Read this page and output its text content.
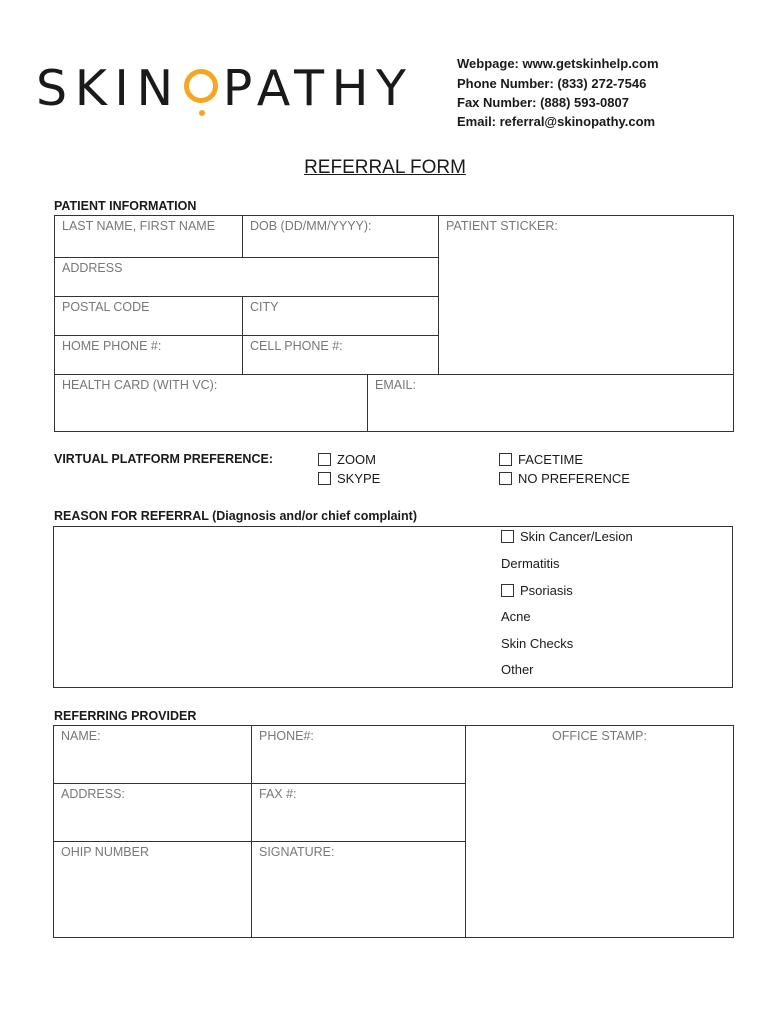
SKIN PATHY	Webpage: www.getskinhelp.com
Phone Number: (833) 272-7546
Fax Number: (888) 593-0807
Email: referral@skinopathy.com
REFERRAL FORM
PATIENT INFORMATION
LAST NAME, FIRST NAME	DOB (DD/MM/YYYY):		PATIENT STICKER:
ADDRESS			
POSTAL CODE	CITY		
HOME PHONE #:	CELL PHONE #:		
HEALTH CARD (WITH VC):		EMAIL:	
VIRTUAL PLATFORM PREFERENCE:	ZOOM
SKYPE
FACETIME
NO PREFERENCE
REASON FOR REFERRAL (Diagnosis and/or chief complaint)
Skin Cancer/Lesion
Dermatitis
Psoriasis
Acne
Skin Checks
Other
REFERRING PROVIDER
NAME:	PHONE#:	OFFICE STAMP:
ADDRESS:	FAX #:	
OHIP NUMBER	SIGNATURE:	
